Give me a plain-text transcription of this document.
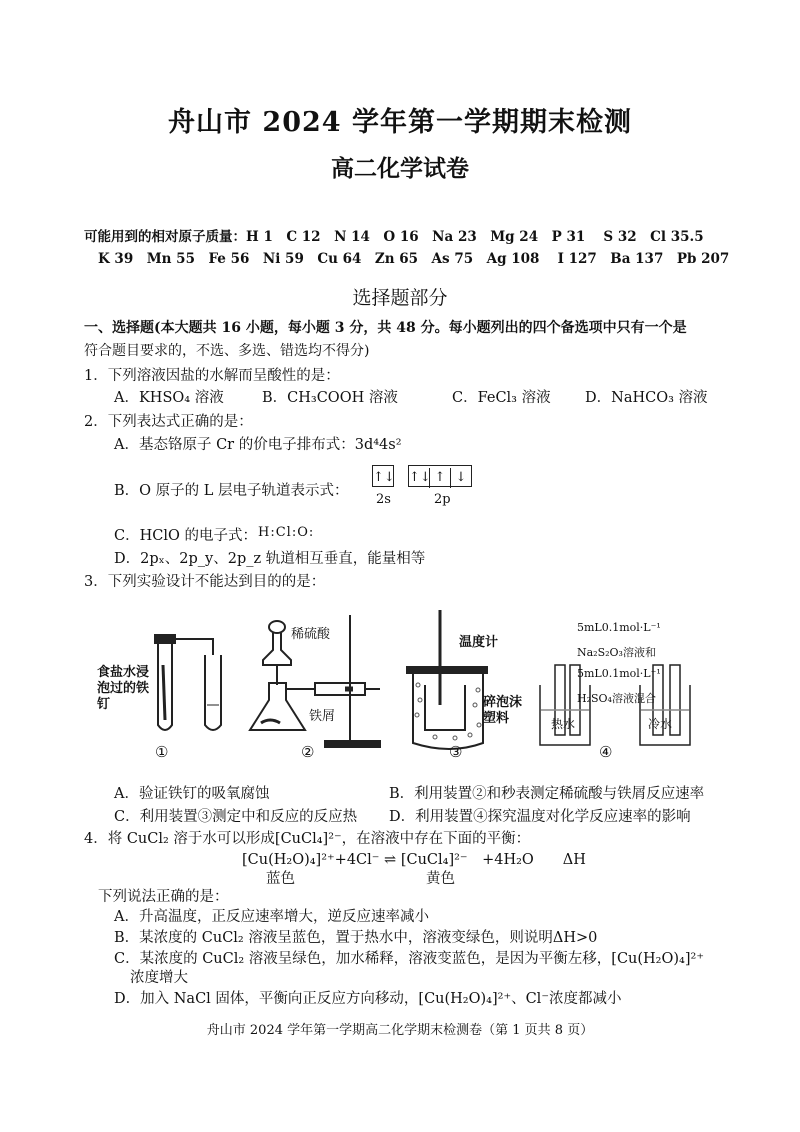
舟山市 2024 学年第一学期期末检测
高二化学试卷
可能用到的相对原子质量：H 1　C 12　N 14　O 16　Na 23　Mg 24　P 31　 S 32　Cl 35.5
K 39　Mn 55　Fe 56　Ni 59　Cu 64　Zn 65　As 75　Ag 108　 I 127　Ba 137　Pb 207
选择题部分
一、选择题(本大题共 16 小题，每小题 3 分，共 48 分。每小题列出的四个备选项中只有一个是
符合题目要求的，不选、多选、错选均不得分)
1．下列溶液因盐的水解而呈酸性的是：
A．KHSO₄ 溶液	B．CH₃COOH 溶液	C．FeCl₃ 溶液 D．NaHCO₃ 溶液
2．下列表达式正确的是：
A．基态铬原子 Cr 的价电子排布式：3d⁴4s²
B．O 原子的 L 层电子轨道表示式：
↑↓ ↑↓ ↑ ↓
2s	2p
C．HClO 的电子式： H:Cl:O:
D．2pₓ、2p_y、2p_z 轨道相互垂直，能量相等
3．下列实验设计不能达到目的的是：
食盐水浸泡过的铁钉
稀硫酸
铁屑
温度计
碎泡沫塑料
5mL0.1mol·L⁻¹
Na₂S₂O₃溶液和
5mL0.1mol·L⁻¹
H₂SO₄溶液混合
热水	冷水
①	②	③	④
A．验证铁钉的吸氧腐蚀	B．利用装置②和秒表测定稀硫酸与铁屑反应速率
C．利用装置③测定中和反应的反应热 D．利用装置④探究温度对化学反应速率的影响
4．将 CuCl₂ 溶于水可以形成[CuCl₄]²⁻，在溶液中存在下面的平衡：
[Cu(H₂O)₄]²⁺+4Cl⁻ ⇌ [CuCl₄]²⁻　+4H₂O　　ΔH
蓝色	黄色
下列说法正确的是：
A．升高温度，正反应速率增大，逆反应速率减小
B．某浓度的 CuCl₂ 溶液呈蓝色，置于热水中，溶液变绿色，则说明ΔH>0
C．某浓度的 CuCl₂ 溶液呈绿色，加水稀释，溶液变蓝色，是因为平衡左移，[Cu(H₂O)₄]²⁺
浓度增大
D．加入 NaCl 固体，平衡向正反应方向移动，[Cu(H₂O)₄]²⁺、Cl⁻浓度都减小
舟山市 2024 学年第一学期高二化学期末检测卷（第 1 页共 8 页）
